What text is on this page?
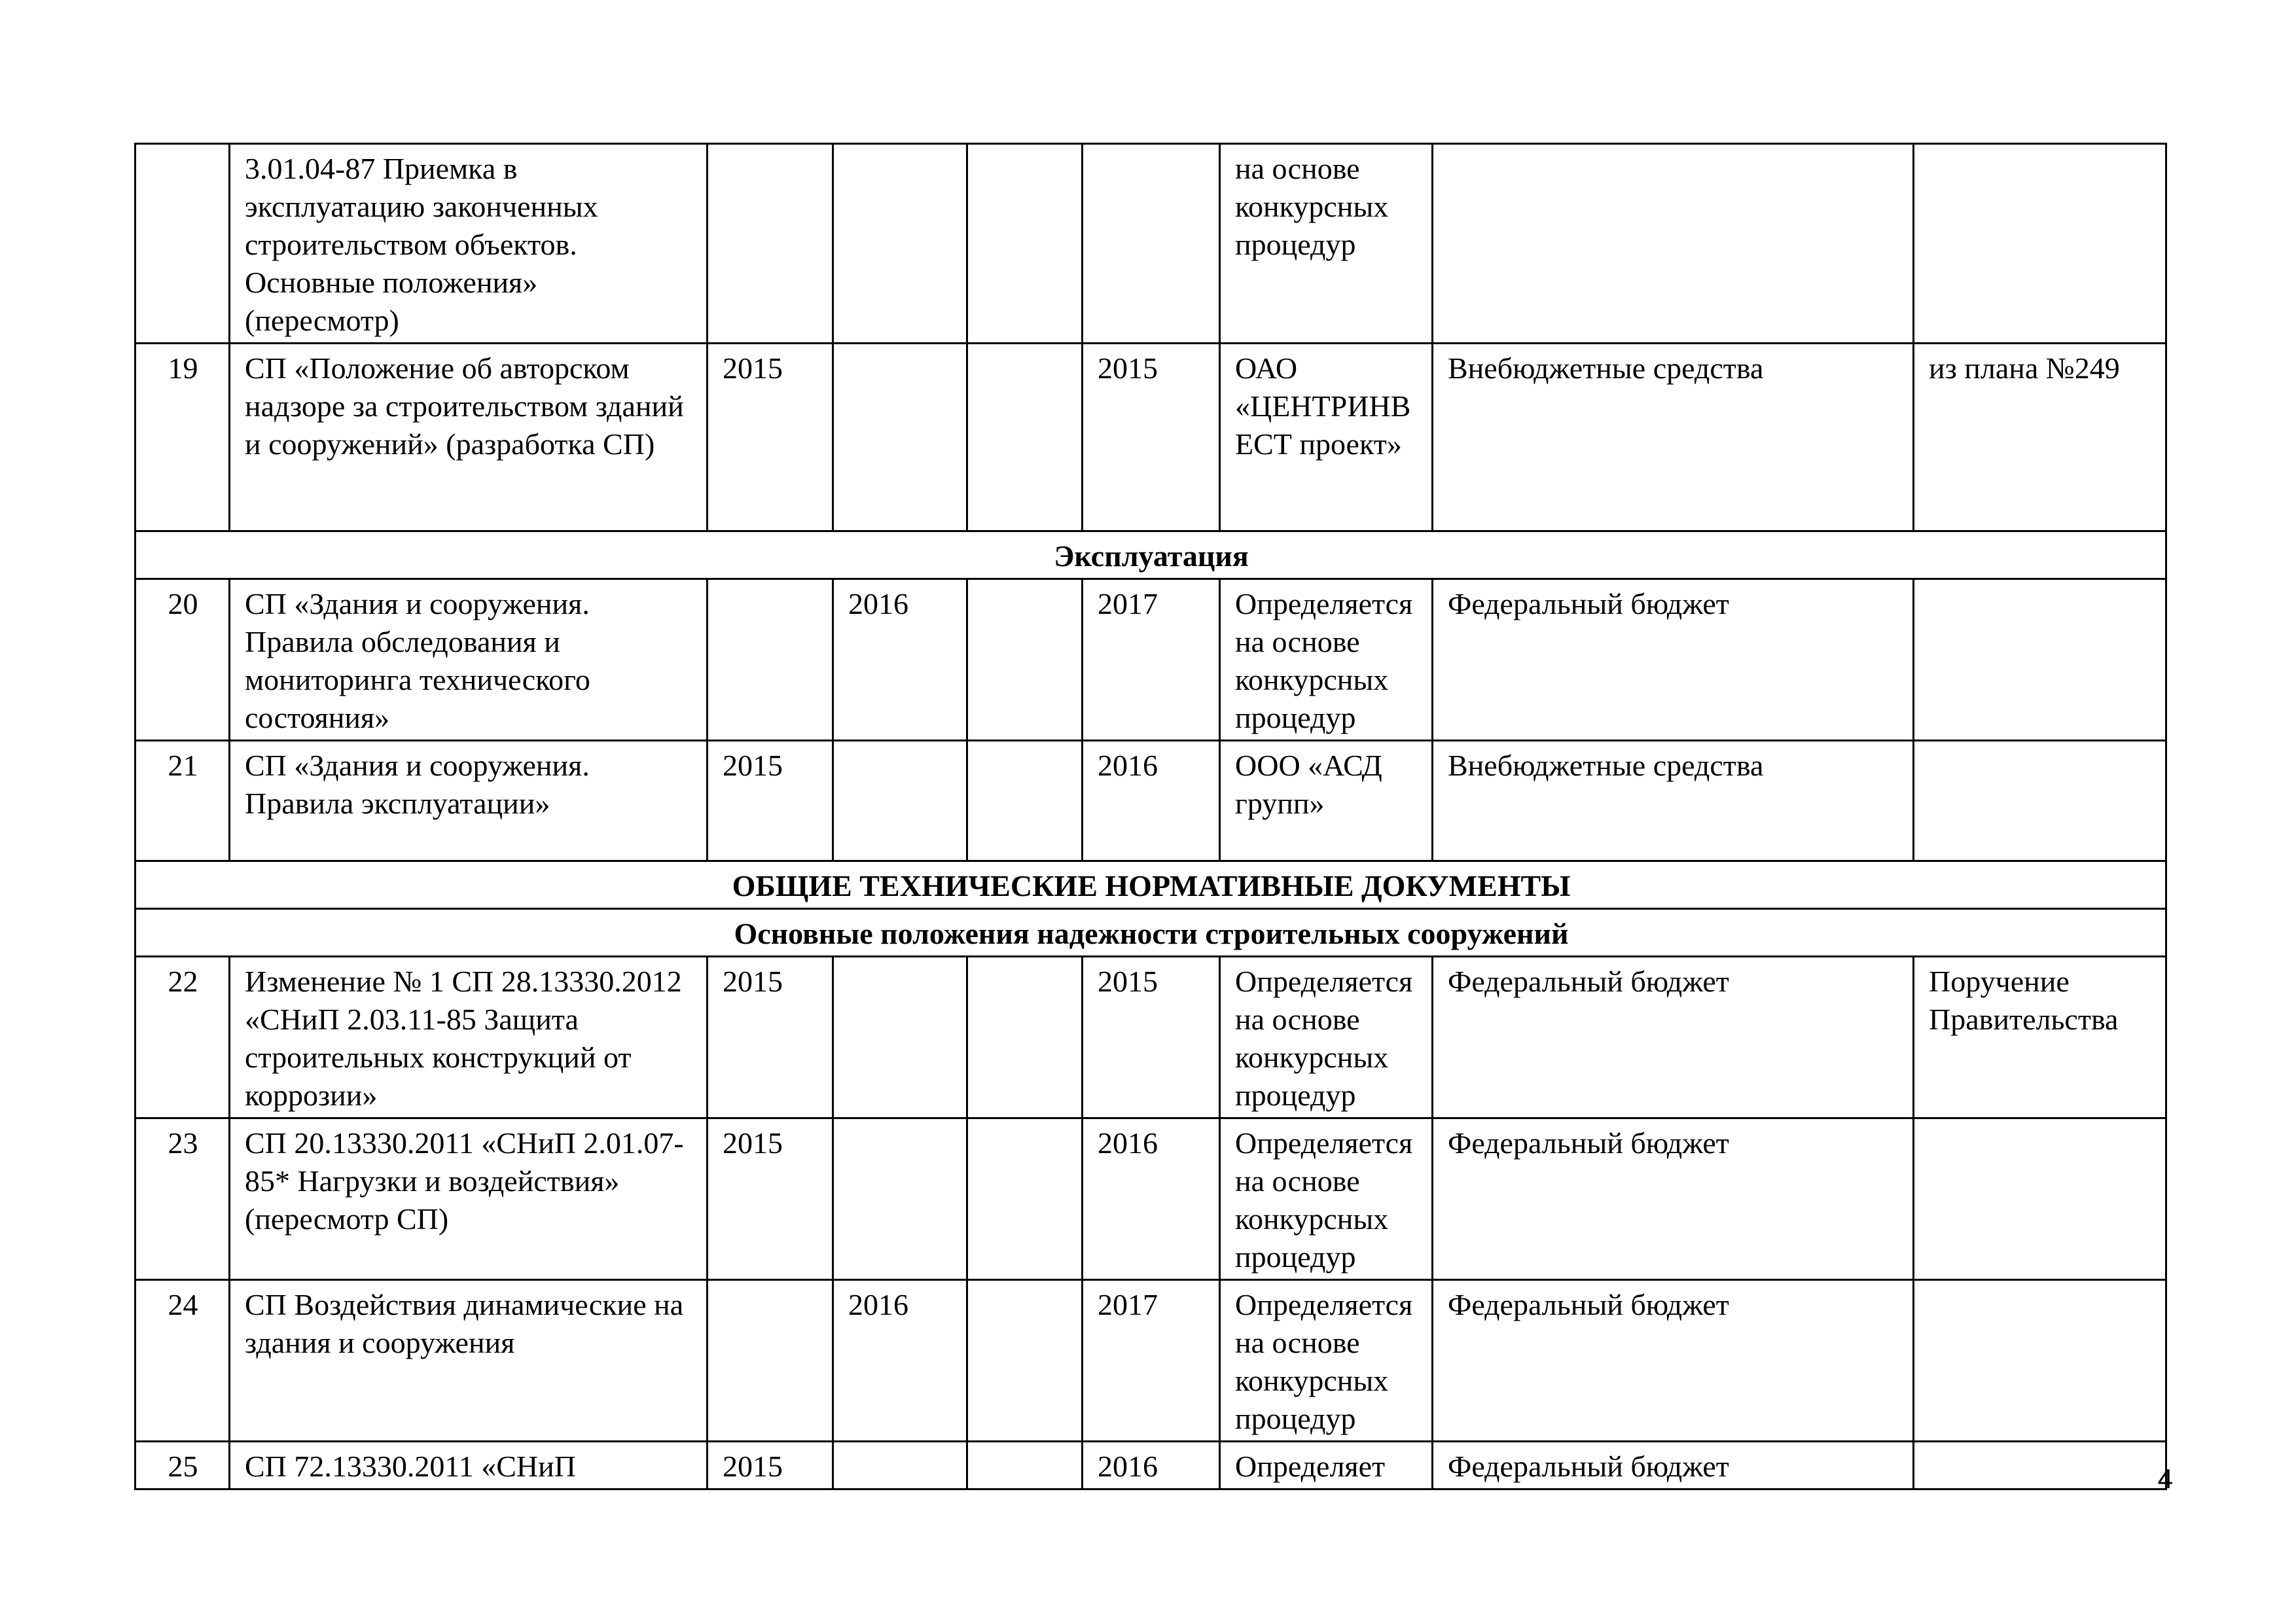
	3.01.04-87 Приемка в эксплуатацию законченных строительством объектов. Основные положения» (пересмотр)					на основе конкурсных процедур		
19	СП «Положение об авторском надзоре за строительством зданий и сооружений» (разработка СП)	2015			2015	ОАО «ЦЕНТРИНВ ЕСТ проект»	Внебюджетные средства	из плана №249
Эксплуатация								
20	СП «Здания и сооружения. Правила обследования и мониторинга технического состояния»		2016		2017	Определяется на основе конкурсных процедур	Федеральный бюджет	
21	СП «Здания и сооружения. Правила эксплуатации»	2015			2016	ООО «АСД групп»	Внебюджетные средства	
ОБЩИЕ ТЕХНИЧЕСКИЕ НОРМАТИВНЫЕ ДОКУМЕНТЫ								
Основные положения надежности строительных сооружений								
22	Изменение № 1 СП 28.13330.2012 «СНиП 2.03.11-85 Защита строительных конструкций от коррозии»	2015			2015	Определяется на основе конкурсных процедур	Федеральный бюджет	Поручение Правительства
23	СП 20.13330.2011 «СНиП 2.01.07-85* Нагрузки и воздействия» (пересмотр СП)	2015			2016	Определяется на основе конкурсных процедур	Федеральный бюджет	
24	СП Воздействия динамические на здания и сооружения		2016		2017	Определяется на основе конкурсных процедур	Федеральный бюджет	
25	СП 72.13330.2011 «СНиП	2015			2016	Определяет	Федеральный бюджет		4
